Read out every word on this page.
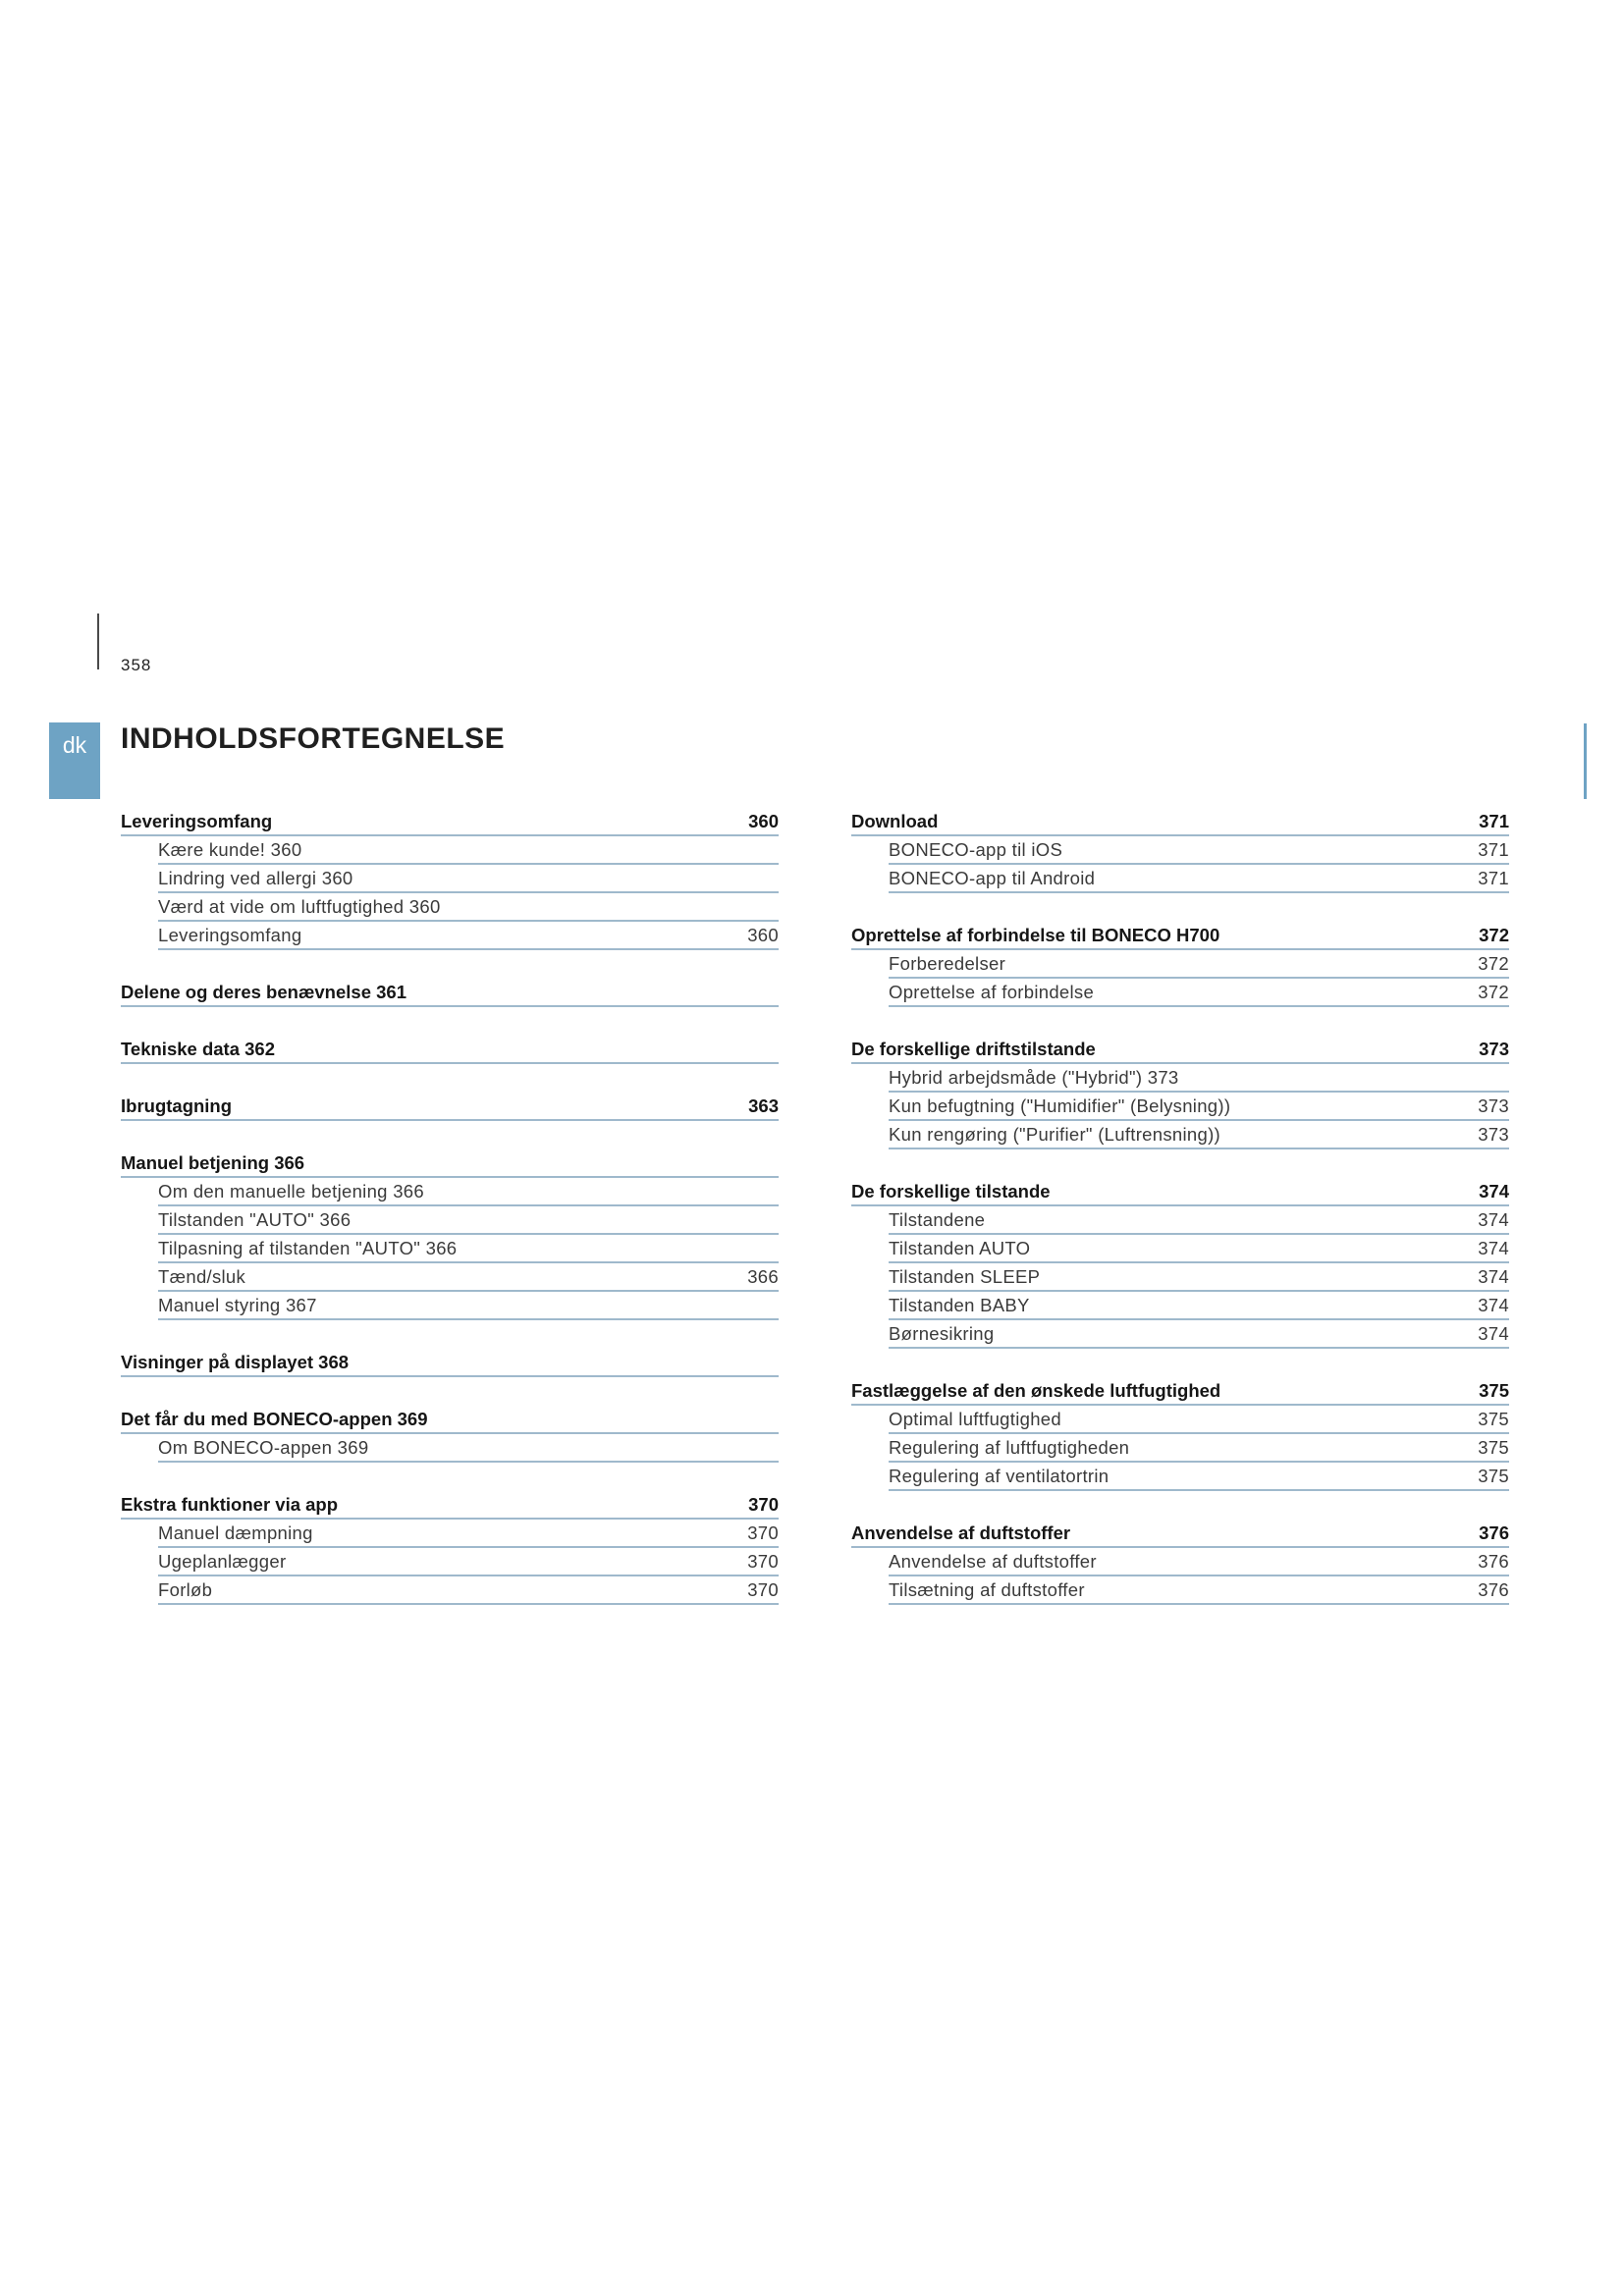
358
dk	INDHOLDSFORTEGNELSE
Leveringsomfang	360
Kære kunde! 360
Lindring ved allergi 360
Værd at vide om luftfugtighed 360
Leveringsomfang	360
Delene og deres benævnelse 361
Tekniske data 362
Ibrugtagning	363
Manuel betjening 366
Om den manuelle betjening 366
Tilstanden "AUTO" 366
Tilpasning af tilstanden "AUTO" 366
Tænd/sluk	366
Manuel styring 367
Visninger på displayet 368
Det får du med BONECO-appen 369
Om BONECO-appen 369
Ekstra funktioner via app	370
Manuel dæmpning	370
Ugeplanlægger	370
Forløb	370
Download	371
BONECO-app til iOS	371
BONECO-app til Android	371
Oprettelse af forbindelse til BONECO H700	372
Forberedelser	372
Oprettelse af forbindelse	372
De forskellige driftstilstande	373
Hybrid arbejdsmåde ("Hybrid") 373
Kun befugtning ("Humidifier" (Belysning))	373
Kun rengøring ("Purifier" (Luftrensning))	373
De forskellige tilstande	374
Tilstandene	374
Tilstanden AUTO	374
Tilstanden SLEEP	374
Tilstanden BABY	374
Børnesikring	374
Fastlæggelse af den ønskede luftfugtighed	375
Optimal luftfugtighed	375
Regulering af luftfugtigheden	375
Regulering af ventilatortrin	375
Anvendelse af duftstoffer	376
Anvendelse af duftstoffer	376
Tilsætning af duftstoffer	376
